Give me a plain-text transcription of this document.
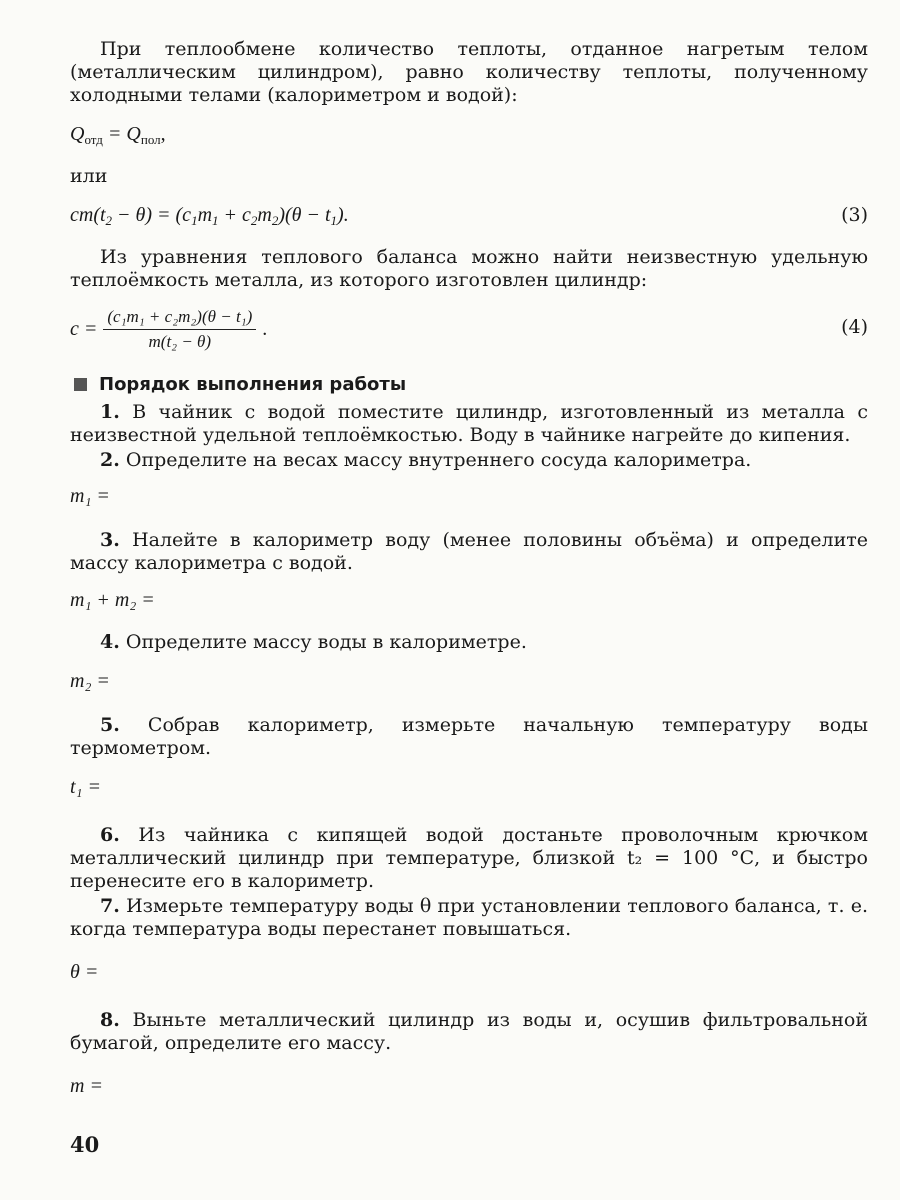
При теплообмене количество теплоты, отданное нагретым телом (металлическим цилиндром), равно количеству теплоты, полученному холодными телами (калориметром и водой):

$Q_{отд} = Q_{пол}$,

или

$cm(t_2 - \theta) = (c_1m_1 + c_2m_2)(\theta - t_1)$.	(3)

Из уравнения теплового баланса можно найти неизвестную удельную теплоёмкость металла, из которого изготовлен цилиндр:

$c = \frac{\text{(c₁m₁ + c₂m₂)(θ − t₁)}}{\text{m(t₂ − θ)}}$ .	(4)
Порядок выполнения работы

1. В чайник с водой поместите цилиндр, изготовленный из металла с неизвестной удельной теплоёмкостью. Воду в чайнике нагрейте до кипения.

2. Определите на весах массу внутреннего сосуда калориметра.

m₁ =

3. Налейте в калориметр воду (менее половины объёма) и определите массу калориметра с водой.

m₁ + m₂ =

4. Определите массу воды в калориметре.

m₂ =

5. Собрав калориметр, измерьте начальную температуру воды термометром.

t₁ =

6. Из чайника с кипящей водой достаньте проволочным крючком металлический цилиндр при температуре, близкой t₂ = 100 °С, и быстро перенесите его в калориметр.

7. Измерьте температуру воды θ при установлении теплового баланса, т. е. когда температура воды перестанет повышаться.

θ =

8. Выньте металлический цилиндр из воды и, осушив фильтровальной бумагой, определите его массу.

m =
40
